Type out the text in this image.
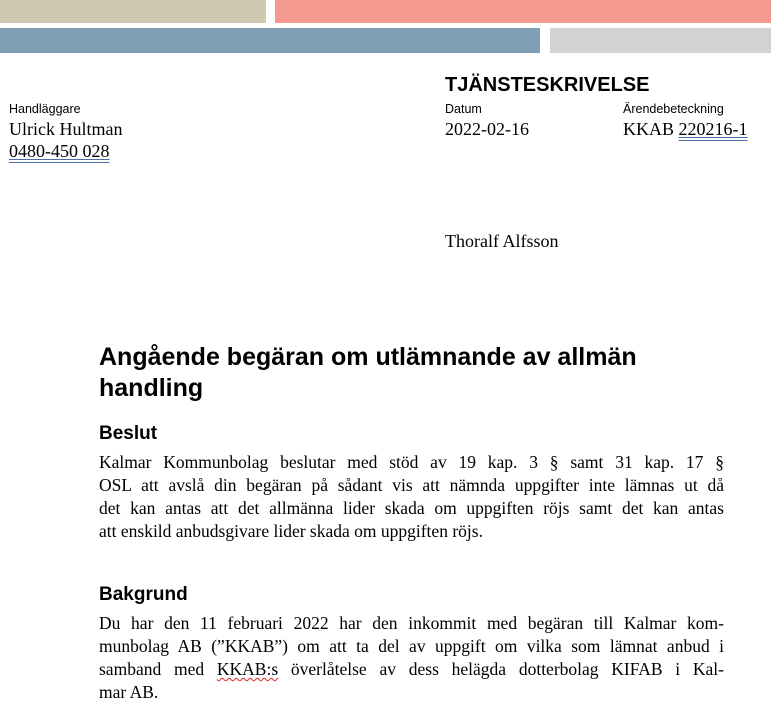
TJÄNSTESKRIVELSE
Handläggare
Ulrick Hultman
0480-450 028
Datum
2022-02-16
Ärendebeteckning
KKAB 220216-1
Thoralf Alfsson

Angående begäran om utlämnande av allmän
handling

Beslut

Kalmar Kommunbolag beslutar med stöd av 19 kap. 3 § samt 31 kap. 17 §
OSL att avslå din begäran på sådant vis att nämnda uppgifter inte lämnas ut då
det kan antas att det allmänna lider skada om uppgiften röjs samt det kan antas
att enskild anbudsgivare lider skada om uppgiften röjs.

Bakgrund

Du har den 11 februari 2022 har den inkommit med begäran till Kalmar kom-
munbolag AB (”KKAB”) om att ta del av uppgift om vilka som lämnat anbud i
samband med KKAB:s överlåtelse av dess helägda dotterbolag KIFAB i Kal-
mar AB.
